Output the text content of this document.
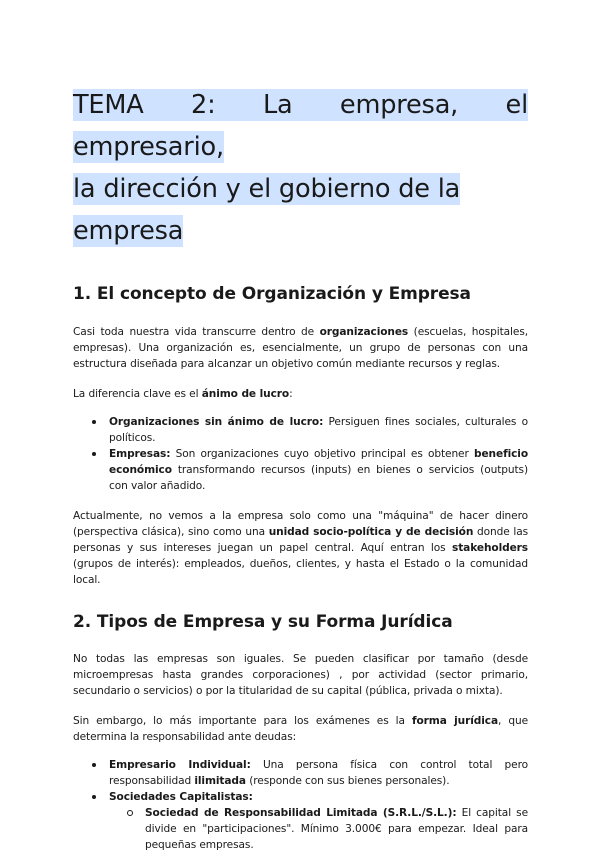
TEMA 2: La empresa, el empresario,
la dirección y el gobierno de la
empresa
1. El concepto de Organización y Empresa

Casi toda nuestra vida transcurre dentro de organizaciones (escuelas, hospitales, empresas). Una organización es, esencialmente, un grupo de personas con una estructura diseñada para alcanzar un objetivo común mediante recursos y reglas.

La diferencia clave es el ánimo de lucro:

Organizaciones sin ánimo de lucro: Persiguen fines sociales, culturales o políticos.
Empresas: Son organizaciones cuyo objetivo principal es obtener beneficio económico transformando recursos (inputs) en bienes o servicios (outputs) con valor añadido.

Actualmente, no vemos a la empresa solo como una "máquina" de hacer dinero (perspectiva clásica), sino como una unidad socio-política y de decisión donde las personas y sus intereses juegan un papel central. Aquí entran los stakeholders (grupos de interés): empleados, dueños, clientes, y hasta el Estado o la comunidad local.

2. Tipos de Empresa y su Forma Jurídica

No todas las empresas son iguales. Se pueden clasificar por tamaño (desde microempresas hasta grandes corporaciones) , por actividad (sector primario, secundario o servicios) o por la titularidad de su capital (pública, privada o mixta).

Sin embargo, lo más importante para los exámenes es la forma jurídica, que determina la responsabilidad ante deudas:

Empresario Individual: Una persona física con control total pero responsabilidad ilimitada (responde con sus bienes personales).
Sociedades Capitalistas:
Sociedad de Responsabilidad Limitada (S.R.L./S.L.): El capital se divide en "participaciones". Mínimo 3.000€ para empezar. Ideal para pequeñas empresas.
